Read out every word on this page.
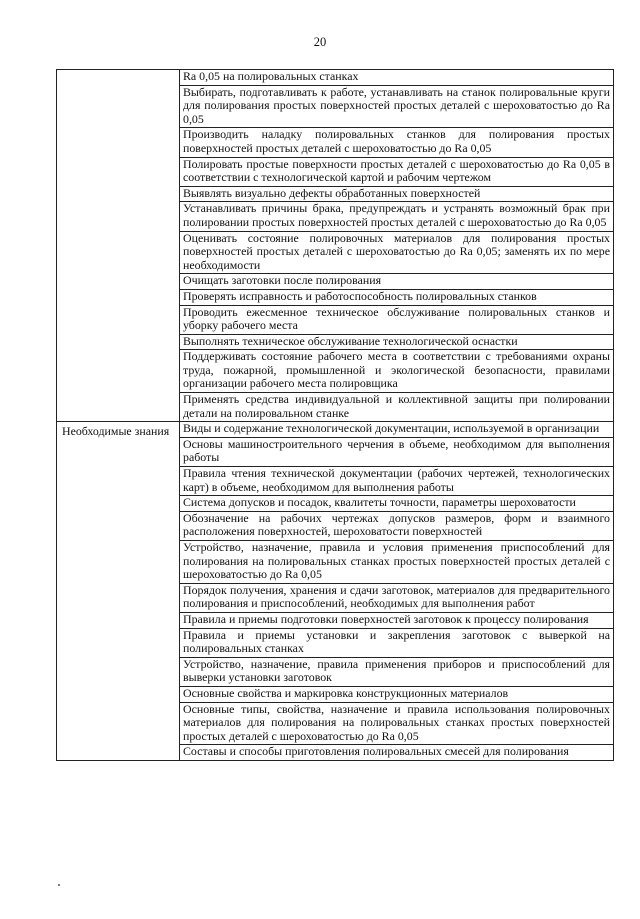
20
	Ra 0,05 на полировальных станках
	Выбирать, подготавливать к работе, устанавливать на станок полировальные круги для полирования простых поверхностей простых деталей с шероховатостью до Ra 0,05
	Производить наладку полировальных станков для полирования простых поверхностей простых деталей с шероховатостью до Ra 0,05
	Полировать простые поверхности простых деталей с шероховатостью до Ra 0,05 в соответствии с технологической картой и рабочим чертежом
	Выявлять визуально дефекты обработанных поверхностей
	Устанавливать причины брака, предупреждать и устранять возможный брак при полировании простых поверхностей простых деталей с шероховатостью до Ra 0,05
	Оценивать состояние полировочных материалов для полирования простых поверхностей простых деталей с шероховатостью до Ra 0,05; заменять их по мере необходимости
	Очищать заготовки после полирования
	Проверять исправность и работоспособность полировальных станков
	Проводить ежесменное техническое обслуживание полировальных станков и уборку рабочего места
	Выполнять техническое обслуживание технологической оснастки
	Поддерживать состояние рабочего места в соответствии с требованиями охраны труда, пожарной, промышленной и экологической безопасности, правилами организации рабочего места полировщика
	Применять средства индивидуальной и коллективной защиты при полировании детали на полировальном станке
Необходимые знания	Виды и содержание технологической документации, используемой в организации
	Основы машиностроительного черчения в объеме, необходимом для выполнения работы
	Правила чтения технической документации (рабочих чертежей, технологических карт) в объеме, необходимом для выполнения работы
	Система допусков и посадок, квалитеты точности, параметры шероховатости
	Обозначение на рабочих чертежах допусков размеров, форм и взаимного расположения поверхностей, шероховатости поверхностей
	Устройство, назначение, правила и условия применения приспособлений для полирования на полировальных станках простых поверхностей простых деталей с шероховатостью до Ra 0,05
	Порядок получения, хранения и сдачи заготовок, материалов для предварительного полирования и приспособлений, необходимых для выполнения работ
	Правила и приемы подготовки поверхностей заготовок к процессу полирования
	Правила и приемы установки и закрепления заготовок с выверкой на полировальных станках
	Устройство, назначение, правила применения приборов и приспособлений для выверки установки заготовок
	Основные свойства и маркировка конструкционных материалов
	Основные типы, свойства, назначение и правила использования полировочных материалов для полирования на полировальных станках простых поверхностей простых деталей с шероховатостью до Ra 0,05
	Составы и способы приготовления полировальных смесей для полирования
